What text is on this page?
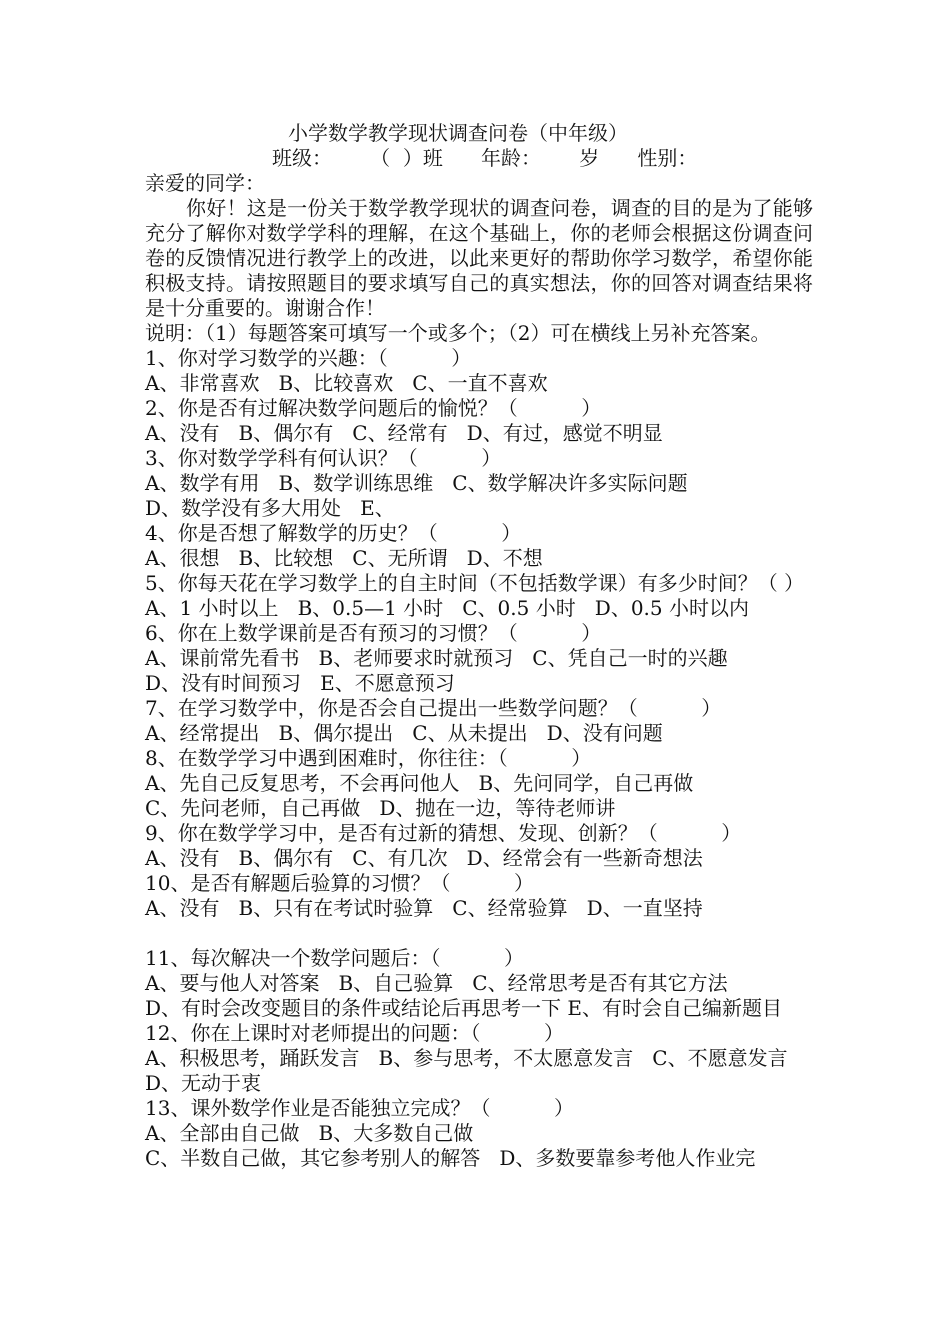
小学数学教学现状调查问卷（中年级）
班级： （  ）班 年龄： 岁 性别：
亲爱的同学：

你好！这是一份关于数学教学现状的调查问卷，调查的目的是为了能够充分了解你对数学学科的理解，在这个基础上，你的老师会根据这份调查问卷的反馈情况进行教学上的改进，以此来更好的帮助你学习数学，希望你能积极支持。请按照题目的要求填写自己的真实想法，你的回答对调查结果将是十分重要的。谢谢合作！

说明：（1）每题答案可填写一个或多个；（2）可在横线上另补充答案。
1、你对学习数学的兴趣：（          ）
A、非常喜欢   B、比较喜欢   C、一直不喜欢
2、你是否有过解决数学问题后的愉悦？（          ）
A、没有   B、偶尔有   C、经常有   D、有过，感觉不明显
3、你对数学学科有何认识？（          ）
A、数学有用   B、数学训练思维   C、数学解决许多实际问题
D、数学没有多大用处   E、
4、你是否想了解数学的历史？（          ）
A、很想   B、比较想   C、无所谓   D、不想
5、你每天花在学习数学上的自主时间（不包括数学课）有多少时间？（ ）
A、1 小时以上   B、0.5—1 小时   C、0.5 小时   D、0.5 小时以内
6、你在上数学课前是否有预习的习惯？（          ）
A、课前常先看书   B、老师要求时就预习   C、凭自己一时的兴趣
D、没有时间预习   E、不愿意预习
7、在学习数学中，你是否会自己提出一些数学问题？（          ）
A、经常提出   B、偶尔提出   C、从未提出   D、没有问题
8、在数学学习中遇到困难时，你往往：（          ）
A、先自己反复思考，不会再问他人   B、先问同学，自己再做
C、先问老师，自己再做   D、抛在一边，等待老师讲
9、你在数学学习中，是否有过新的猜想、发现、创新？（          ）
A、没有   B、偶尔有   C、有几次   D、经常会有一些新奇想法
10、是否有解题后验算的习惯？（          ）
A、没有   B、只有在考试时验算   C、经常验算   D、一直坚持
11、每次解决一个数学问题后：（          ）
A、要与他人对答案   B、自己验算   C、经常思考是否有其它方法
D、有时会改变题目的条件或结论后再思考一下 E、有时会自己编新题目
12、你在上课时对老师提出的问题：（          ）
A、积极思考，踊跃发言   B、参与思考，不太愿意发言   C、不愿意发言
D、无动于衷
13、课外数学作业是否能独立完成？（          ）
A、全部由自己做   B、大多数自己做
C、半数自己做，其它参考别人的解答   D、多数要靠参考他人作业完
